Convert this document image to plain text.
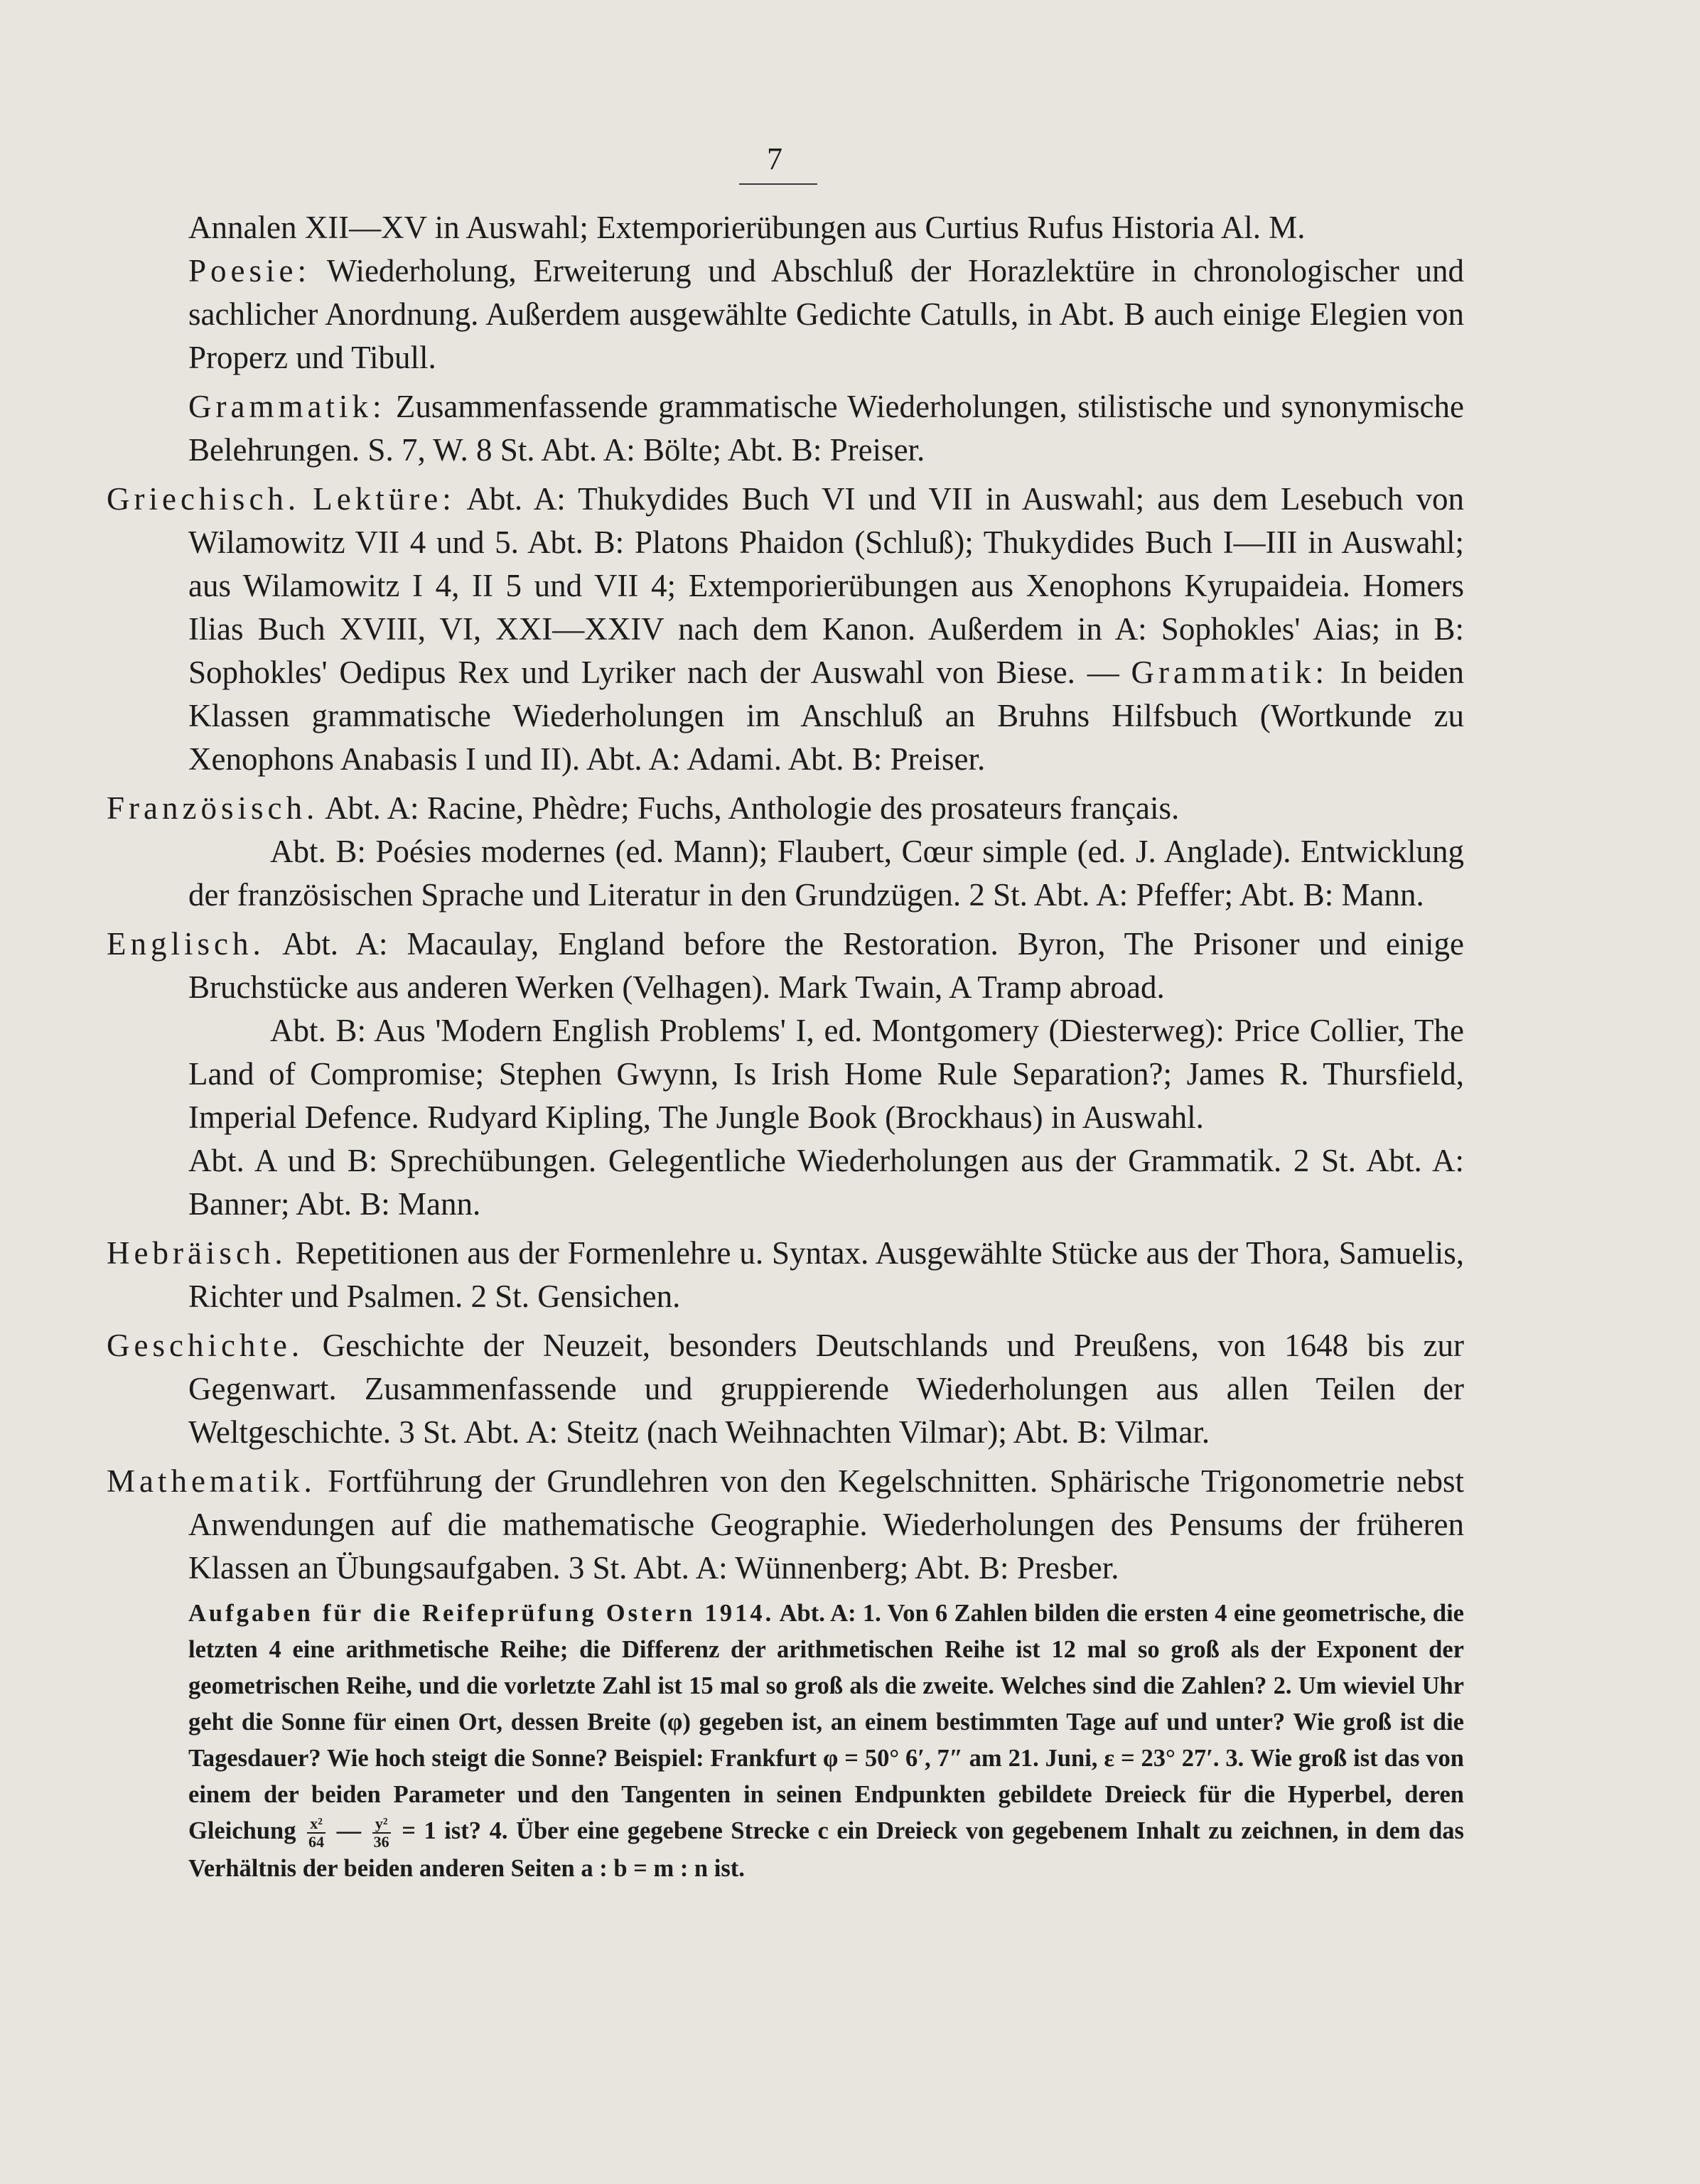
7

Annalen XII—XV in Auswahl; Extemporierübungen aus Curtius Rufus Historia Al. M.

Poesie: Wiederholung, Erweiterung und Abschluß der Horazlektüre in chronologischer und sachlicher Anordnung. Außerdem ausgewählte Gedichte Catulls, in Abt. B auch einige Elegien von Properz und Tibull.

Grammatik: Zusammenfassende grammatische Wiederholungen, stilistische und synonymische Belehrungen. S. 7, W. 8 St. Abt. A: Bölte; Abt. B: Preiser.

Griechisch. Lektüre: Abt. A: Thukydides Buch VI und VII in Auswahl; aus dem Lesebuch von Wilamowitz VII 4 und 5. Abt. B: Platons Phaidon (Schluß); Thukydides Buch I—III in Auswahl; aus Wilamowitz I 4, II 5 und VII 4; Extemporierübungen aus Xenophons Kyrupaideia. Homers Ilias Buch XVIII, VI, XXI—XXIV nach dem Kanon. Außerdem in A: Sophokles' Aias; in B: Sophokles' Oedipus Rex und Lyriker nach der Auswahl von Biese. — Grammatik: In beiden Klassen grammatische Wiederholungen im Anschluß an Bruhns Hilfsbuch (Wortkunde zu Xenophons Anabasis I und II). Abt. A: Adami. Abt. B: Preiser.

Französisch. Abt. A: Racine, Phèdre; Fuchs, Anthologie des prosateurs français.

Abt. B: Poésies modernes (ed. Mann); Flaubert, Cœur simple (ed. J. Anglade). Entwicklung der französischen Sprache und Literatur in den Grundzügen. 2 St. Abt. A: Pfeffer; Abt. B: Mann.

Englisch. Abt. A: Macaulay, England before the Restoration. Byron, The Prisoner und einige Bruchstücke aus anderen Werken (Velhagen). Mark Twain, A Tramp abroad.

Abt. B: Aus 'Modern English Problems' I, ed. Montgomery (Diesterweg): Price Collier, The Land of Compromise; Stephen Gwynn, Is Irish Home Rule Separation?; James R. Thursfield, Imperial Defence. Rudyard Kipling, The Jungle Book (Brockhaus) in Auswahl.

Abt. A und B: Sprechübungen. Gelegentliche Wiederholungen aus der Grammatik. 2 St. Abt. A: Banner; Abt. B: Mann.

Hebräisch. Repetitionen aus der Formenlehre u. Syntax. Ausgewählte Stücke aus der Thora, Samuelis, Richter und Psalmen. 2 St. Gensichen.

Geschichte. Geschichte der Neuzeit, besonders Deutschlands und Preußens, von 1648 bis zur Gegenwart. Zusammenfassende und gruppierende Wiederholungen aus allen Teilen der Weltgeschichte. 3 St. Abt. A: Steitz (nach Weihnachten Vilmar); Abt. B: Vilmar.

Mathematik. Fortführung der Grundlehren von den Kegelschnitten. Sphärische Trigonometrie nebst Anwendungen auf die mathematische Geographie. Wiederholungen des Pensums der früheren Klassen an Übungsaufgaben. 3 St. Abt. A: Wünnenberg; Abt. B: Presber.

Aufgaben für die Reifeprüfung Ostern 1914. Abt. A: 1. Von 6 Zahlen bilden die ersten 4 eine geometrische, die letzten 4 eine arithmetische Reihe; die Differenz der arithmetischen Reihe ist 12 mal so groß als der Exponent der geometrischen Reihe, und die vorletzte Zahl ist 15 mal so groß als die zweite. Welches sind die Zahlen? 2. Um wieviel Uhr geht die Sonne für einen Ort, dessen Breite (φ) gegeben ist, an einem bestimmten Tage auf und unter? Wie groß ist die Tagesdauer? Wie hoch steigt die Sonne? Beispiel: Frankfurt φ = 50° 6′, 7″ am 21. Juni, ε = 23° 27′. 3. Wie groß ist das von einem der beiden Parameter und den Tangenten in seinen Endpunkten gebildete Dreieck für die Hyperbel, deren Gleichung $\frac{\text{x²}}{64}$ — $\frac{\text{y²}}{36} = 1$ ist? 4. Über eine gegebene Strecke c ein Dreieck von gegebenem Inhalt zu zeichnen, in dem das Verhältnis der beiden anderen Seiten a : b = m : n ist.
